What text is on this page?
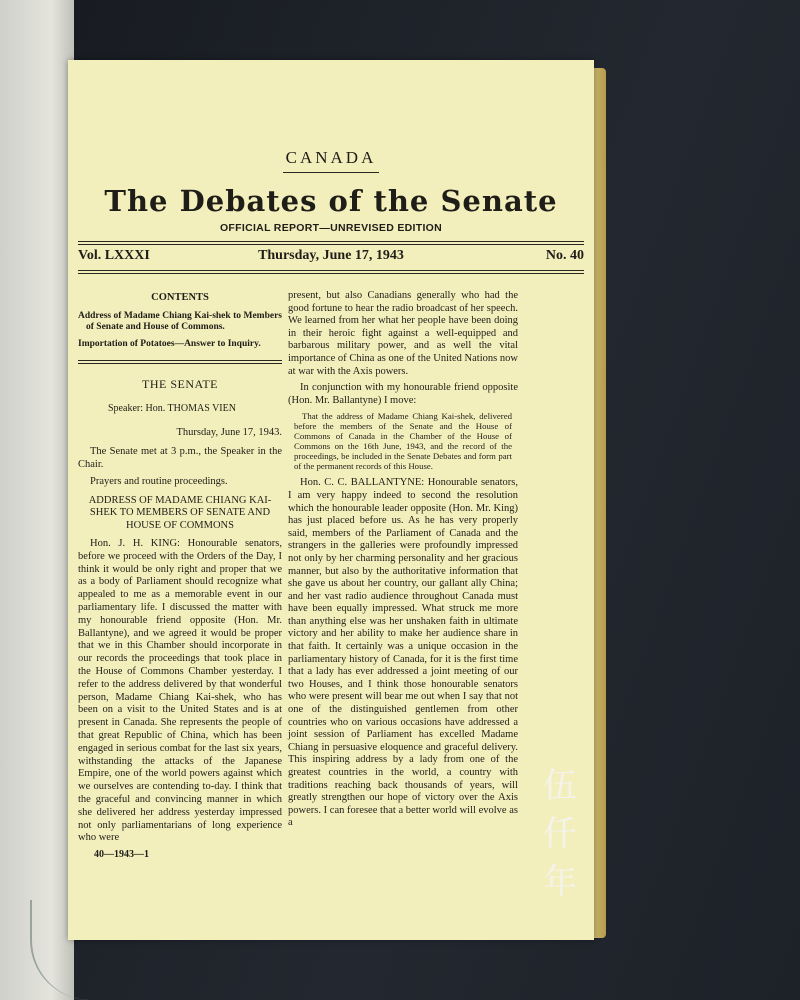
CANADA
The Debates of the Senate
OFFICIAL REPORT—UNREVISED EDITION
Vol. LXXXI	Thursday, June 17, 1943	No. 40
CONTENTS
Address of Madame Chiang Kai-shek to Members of Senate and House of Commons.
Importation of Potatoes—Answer to Inquiry.
THE SENATE
Speaker: Hon. THOMAS VIEN
Thursday, June 17, 1943.

The Senate met at 3 p.m., the Speaker in the Chair.

Prayers and routine proceedings.

ADDRESS OF MADAME CHIANG KAI-SHEK TO MEMBERS OF SENATE AND HOUSE OF COMMONS

Hon. J. H. KING: Honourable senators, before we proceed with the Orders of the Day, I think it would be only right and proper that we as a body of Parliament should recognize what appealed to me as a memorable event in our parliamentary life. I discussed the matter with my honourable friend opposite (Hon. Mr. Ballantyne), and we agreed it would be proper that we in this Chamber should incorporate in our records the proceedings that took place in the House of Commons Chamber yesterday. I refer to the address delivered by that wonderful person, Madame Chiang Kai-shek, who has been on a visit to the United States and is at present in Canada. She represents the people of that great Republic of China, which has been engaged in serious combat for the last six years, withstanding the attacks of the Japanese Empire, one of the world powers against which we ourselves are contending to-day. I think that the graceful and convincing manner in which she delivered her address yesterday impressed not only parliamentarians of long experience who were

40—1943—1

present, but also Canadians generally who had the good fortune to hear the radio broadcast of her speech. We learned from her what her people have been doing in their heroic fight against a well-equipped and barbarous military power, and as well the vital importance of China as one of the United Nations now at war with the Axis powers.

In conjunction with my honourable friend opposite (Hon. Mr. Ballantyne) I move:

That the address of Madame Chiang Kai-shek, delivered before the members of the Senate and the House of Commons of Canada in the Chamber of the House of Commons on the 16th June, 1943, and the record of the proceedings, be included in the Senate Debates and form part of the permanent records of this House.

Hon. C. C. BALLANTYNE: Honourable senators, I am very happy indeed to second the resolution which the honourable leader opposite (Hon. Mr. King) has just placed before us. As he has very properly said, members of the Parliament of Canada and the strangers in the galleries were profoundly impressed not only by her charming personality and her gracious manner, but also by the authoritative information that she gave us about her country, our gallant ally China; and her vast radio audience throughout Canada must have been equally impressed. What struck me more than anything else was her unshaken faith in ultimate victory and her ability to make her audience share in that faith. It certainly was a unique occasion in the parliamentary history of Canada, for it is the first time that a lady has ever addressed a joint meeting of our two Houses, and I think those honourable senators who were present will bear me out when I say that not one of the distinguished gentlemen from other countries who on various occasions have addressed a joint session of Parliament has excelled Madame Chiang in persuasive eloquence and graceful delivery. This inspiring address by a lady from one of the greatest countries in the world, a country with traditions reaching back thousands of years, will greatly strengthen our hope of victory over the Axis powers. I can foresee that a better world will evolve as a

伍
仟
年
